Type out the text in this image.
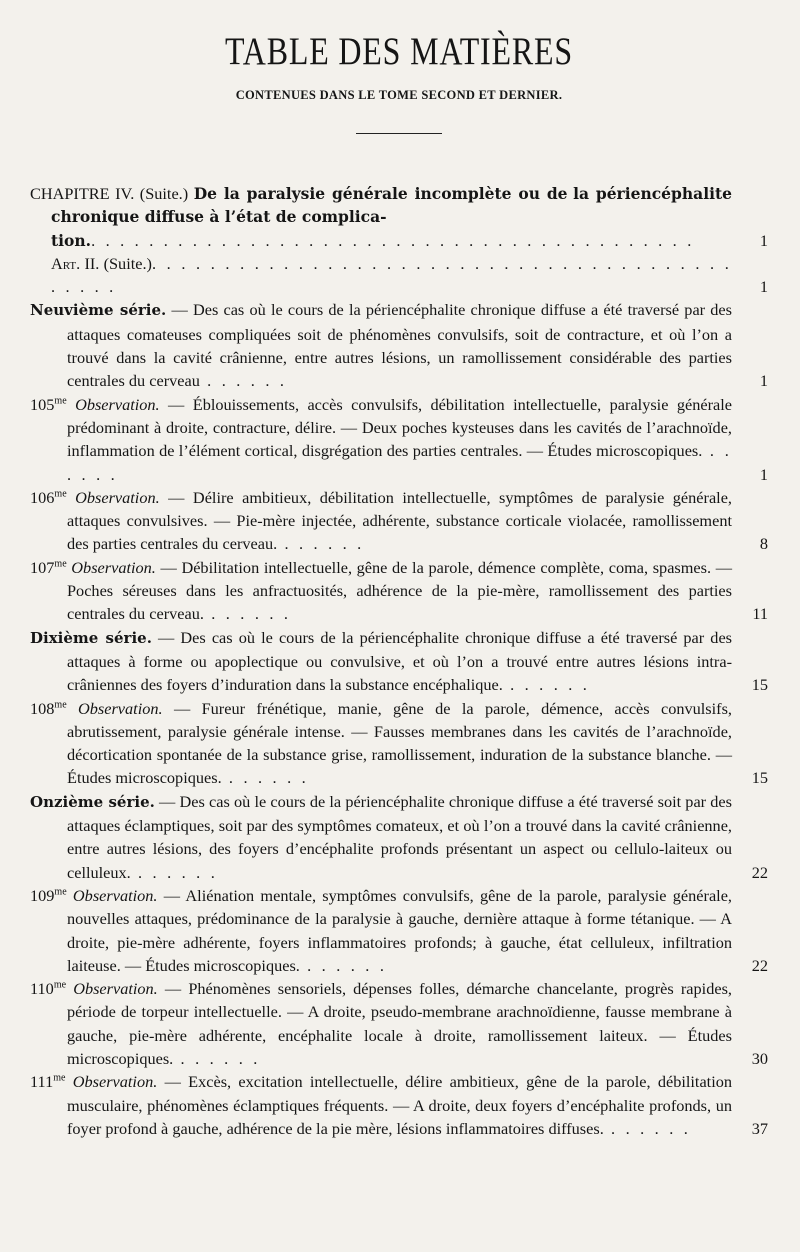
TABLE DES MATIÈRES
CONTENUES DANS LE TOME SECOND ET DERNIER.
CHAPITRE IV. (Suite.) De la paralysie générale incomplète ou de la périencéphalite chronique diffuse à l’état de complica-
tion.. . . . . . . . . . . . . . . . . . . . . . . . . . . . . . . . . . . . . . . . . .	1
Art. II. (Suite.). . . . . . . . . . . . . . . . . . . . . . . . . . . . . . . . . . . . . . . . . . . . .	1
Neuvième série. — Des cas où le cours de la périencéphalite chronique diffuse a été traversé par des attaques comateuses compliquées soit de phénomènes convulsifs, soit de contracture, et où l’on a trouvé dans la cavité crânienne, entre autres lésions, un ramollissement considérable des parties centrales du cerveau . . . . . .	1
$105^{me}$ Observation. — Éblouissements, accès convulsifs, débilitation intellectuelle, paralysie générale prédominant à droite, contracture, délire. — Deux poches kysteuses dans les cavités de l’arachnoïde, inflammation de l’élément cortical, disgrégation des parties centrales. — Études microscopiques. . . . . . .	1
$106^{me}$ Observation. — Délire ambitieux, débilitation intellectuelle, symptômes de paralysie générale, attaques convulsives. — Pie-mère injectée, adhérente, substance corticale violacée, ramollissement des parties centrales du cerveau. . . . . . .	8
$107^{me}$ Observation. — Débilitation intellectuelle, gêne de la parole, démence complète, coma, spasmes. — Poches séreuses dans les anfractuosités, adhérence de la pie-mère, ramollissement des parties centrales du cerveau. . . . . . .	11
Dixième série. — Des cas où le cours de la périencéphalite chronique diffuse a été traversé par des attaques à forme ou apoplectique ou convulsive, et où l’on a trouvé entre autres lésions intra-crâniennes des foyers d’induration dans la substance encéphalique. . . . . . .	15
$108^{me}$ Observation. — Fureur frénétique, manie, gêne de la parole, démence, accès convulsifs, abrutissement, paralysie générale intense. — Fausses membranes dans les cavités de l’arachnoïde, décortication spontanée de la substance grise, ramollissement, induration de la substance blanche. — Études microscopiques. . . . . . .	15
Onzième série. — Des cas où le cours de la périencéphalite chronique diffuse a été traversé soit par des attaques éclamptiques, soit par des symptômes comateux, et où l’on a trouvé dans la cavité crânienne, entre autres lésions, des foyers d’encéphalite profonds présentant un aspect ou cellulo-laiteux ou celluleux. . . . . . .	22
$109^{me}$ Observation. — Aliénation mentale, symptômes convulsifs, gêne de la parole, paralysie générale, nouvelles attaques, prédominance de la paralysie à gauche, dernière attaque à forme tétanique. — A droite, pie-mère adhérente, foyers inflammatoires profonds; à gauche, état celluleux, infiltration laiteuse. — Études microscopiques. . . . . . .	22
$110^{me}$ Observation. — Phénomènes sensoriels, dépenses folles, démarche chancelante, progrès rapides, période de torpeur intellectuelle. — A droite, pseudo-membrane arachnoïdienne, fausse membrane à gauche, pie-mère adhérente, encéphalite locale à droite, ramollissement laiteux. — Études microscopiques. . . . . . .	30
$111^{me}$ Observation. — Excès, excitation intellectuelle, délire ambitieux, gêne de la parole, débilitation musculaire, phénomènes éclamptiques fréquents. — A droite, deux foyers d’encéphalite profonds, un foyer profond à gauche, adhérence de la pie mère, lésions inflammatoires diffuses. . . . . . .	37
